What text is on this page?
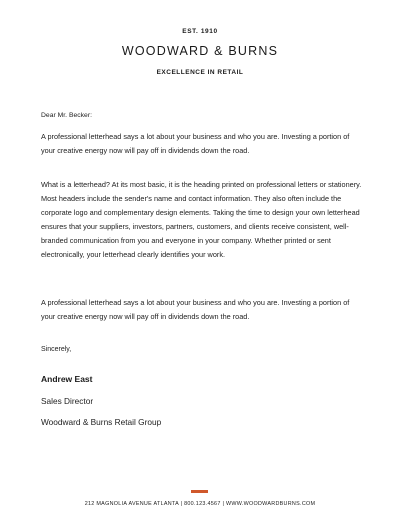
EST. 1910
WOODWARD & BURNS
EXCELLENCE IN RETAIL
Dear Mr. Becker:
A professional letterhead says a lot about your business and who you are. Investing a portion of your creative energy now will pay off in dividends down the road.
What is a letterhead? At its most basic, it is the heading printed on professional letters or stationery. Most headers include the sender's name and contact information. They also often include the corporate logo and complementary design elements. Taking the time to design your own letterhead ensures that your suppliers, investors, partners, customers, and clients receive consistent, well-branded communication from you and everyone in your company. Whether printed or sent electronically, your letterhead clearly identifies your work.
A professional letterhead says a lot about your business and who you are. Investing a portion of your creative energy now will pay off in dividends down the road.
Sincerely,
Andrew East
Sales Director
Woodward & Burns Retail Group
212 MAGNOLIA AVENUE ATLANTA | 800.123.4567 | WWW.WOODWARDBURNS.COM
